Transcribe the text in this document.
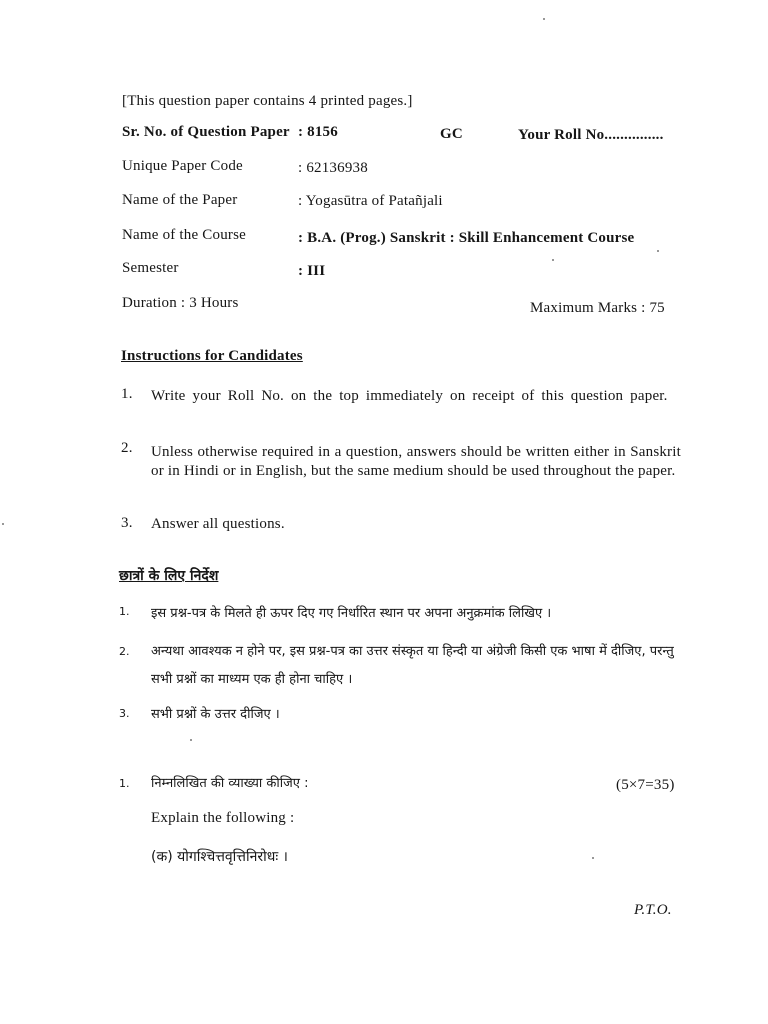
[This question paper contains 4 printed pages.]
Sr. No. of Question Paper : 8156	GC	Your Roll No...............
Unique Paper Code	: 62136938
Name of the Paper	: Yogasūtra of Patañjali
Name of the Course	: B.A. (Prog.) Sanskrit : Skill Enhancement Course
Semester	: III
Duration : 3 Hours	Maximum Marks : 75
Instructions for Candidates
1. Write your Roll No. on the top immediately on receipt of this question paper.
2. Unless otherwise required in a question, answers should be written either in Sanskrit or in Hindi or in English, but the same medium should be used throughout the paper.
3. Answer all questions.
छात्रों के लिए निर्देश
1. इस प्रश्न-पत्र के मिलते ही ऊपर दिए गए निर्धारित स्थान पर अपना अनुक्रमांक लिखिए ।
2. अन्यथा आवश्यक न होने पर, इस प्रश्न-पत्र का उत्तर संस्कृत या हिन्दी या अंग्रेजी किसी एक भाषा में दीजिए, परन्तु सभी प्रश्नों का माध्यम एक ही होना चाहिए ।
3. सभी प्रश्नों के उत्तर दीजिए ।
1. निम्नलिखित की व्याख्या कीजिए :	(5×7=35)
Explain the following :
(क) योगश्चित्तवृत्तिनिरोधः ।
P.T.O.
